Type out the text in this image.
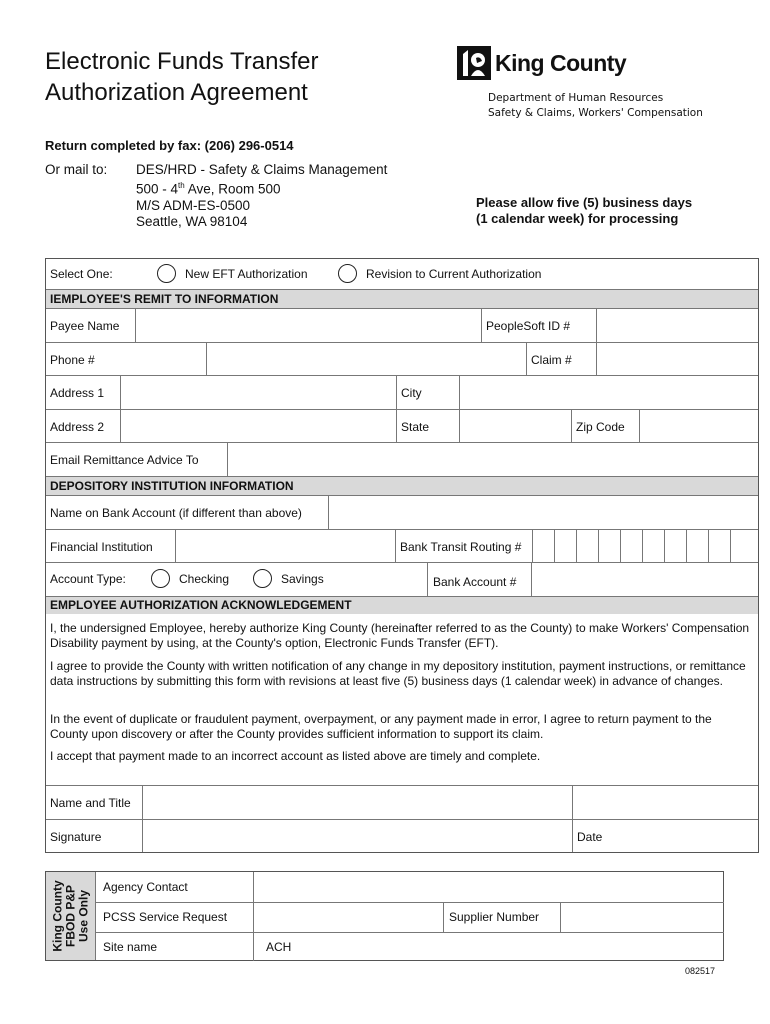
Electronic Funds Transfer
Authorization Agreement
King County
Department of Human Resources
Safety & Claims, Workers' Compensation
Return completed by fax: (206) 296-0514
Or mail to: DES/HRD - Safety & Claims Management
500 - 4th Ave, Room 500
M/S ADM-ES-0500
Seattle, WA 98104
Please allow five (5) business days
(1 calendar week) for processing
Select One:	New EFT Authorization	Revision to Current Authorization
IEMPLOYEE'S REMIT TO INFORMATION
Payee Name	PeopleSoft ID #
Phone #	Claim #
Address 1	City
Address 2	State	Zip Code
Email Remittance Advice To
DEPOSITORY INSTITUTION INFORMATION
Name on Bank Account (if different than above)
Financial Institution	Bank Transit Routing #
Account Type:	Checking	Savings	Bank Account #
EMPLOYEE AUTHORIZATION ACKNOWLEDGEMENT
I, the undersigned Employee, hereby authorize King County (hereinafter referred to as the County) to make Workers' Compensation Disability payment by using, at the County's option, Electronic Funds Transfer (EFT).
I agree to provide the County with written notification of any change in my depository institution, payment instructions, or remittance data instructions by submitting this form with revisions at least five (5) business days (1 calendar week) in advance of changes.
In the event of duplicate or fraudulent payment, overpayment, or any payment made in error, I agree to return payment to the County upon discovery or after the County provides sufficient information to support its claim.
I accept that payment made to an incorrect account as listed above are timely and complete.
Name and Title
Signature	Date
King County FBOD P&P Use Only
Agency Contact
PCSS Service Request	Supplier Number
Site name	ACH
082517
